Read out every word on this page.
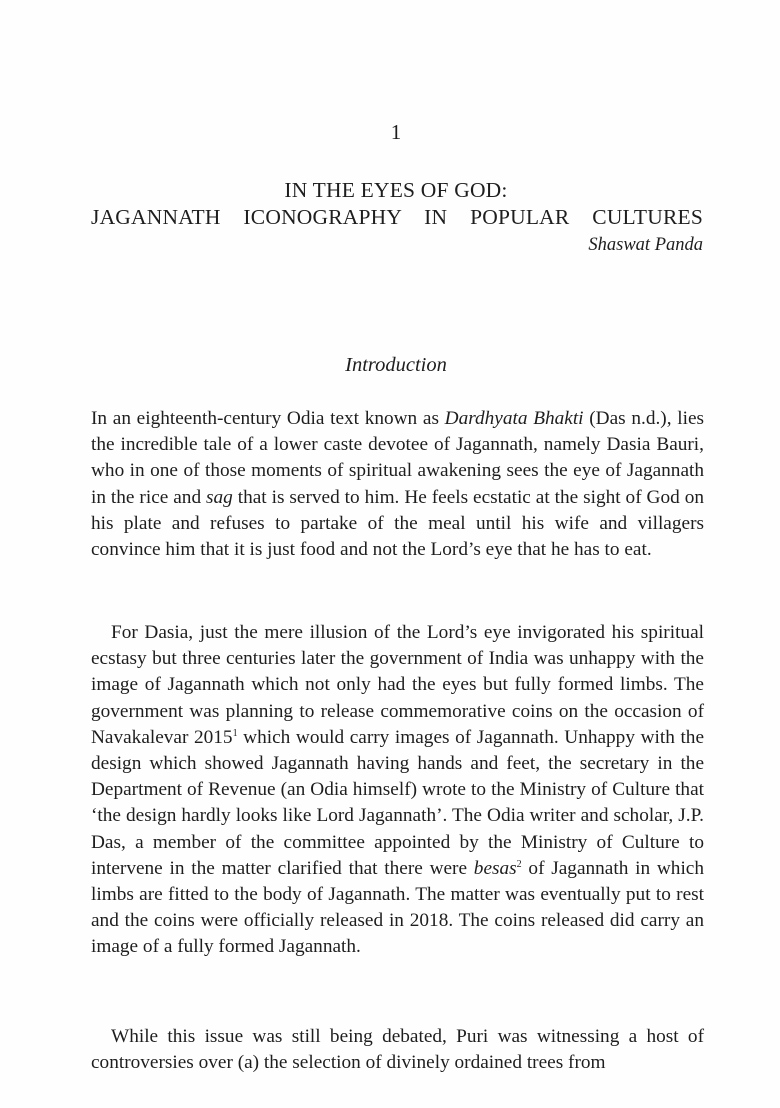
1
IN THE EYES OF GOD:
JAGANNATH ICONOGRAPHY IN POPULAR CULTURES
Shaswat Panda
Introduction

In an eighteenth-century Odia text known as Dardhyata Bhakti (Das n.d.), lies the incredible tale of a lower caste devotee of Jagannath, namely Dasia Bauri, who in one of those moments of spiritual awakening sees the eye of Jagannath in the rice and sag that is served to him. He feels ecstatic at the sight of God on his plate and refuses to partake of the meal until his wife and villagers convince him that it is just food and not the Lord’s eye that he has to eat.

For Dasia, just the mere illusion of the Lord’s eye invigorated his spiritual ecstasy but three centuries later the government of India was unhappy with the image of Jagannath which not only had the eyes but fully formed limbs. The government was planning to release commemorative coins on the occasion of Navakalevar 2015$^1$ which would carry images of Jagannath. Unhappy with the design which showed Jagannath having hands and feet, the secretary in the Department of Revenue (an Odia himself) wrote to the Ministry of Culture that ‘the design hardly looks like Lord Jagannath’. The Odia writer and scholar, J.P. Das, a member of the committee appointed by the Ministry of Culture to intervene in the matter clarified that there were besas$^2$ of Jagannath in which limbs are fitted to the body of Jagannath. The matter was eventually put to rest and the coins were officially released in 2018. The coins released did carry an image of a fully formed Jagannath.

While this issue was still being debated, Puri was witnessing a host of controversies over (a) the selection of divinely ordained trees from
